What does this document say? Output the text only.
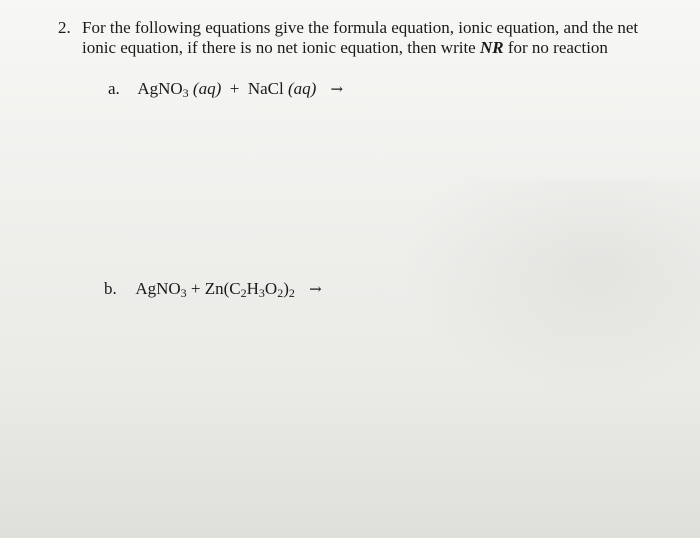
2. For the following equations give the formula equation, ionic equation, and the net
ionic equation, if there is no net ionic equation, then write NR for no reaction
a. AgNO$_3$ (aq) + NaCl (aq) →
b. AgNO$_3$ + $Zn(C_2H_3O_2)_2$ →
